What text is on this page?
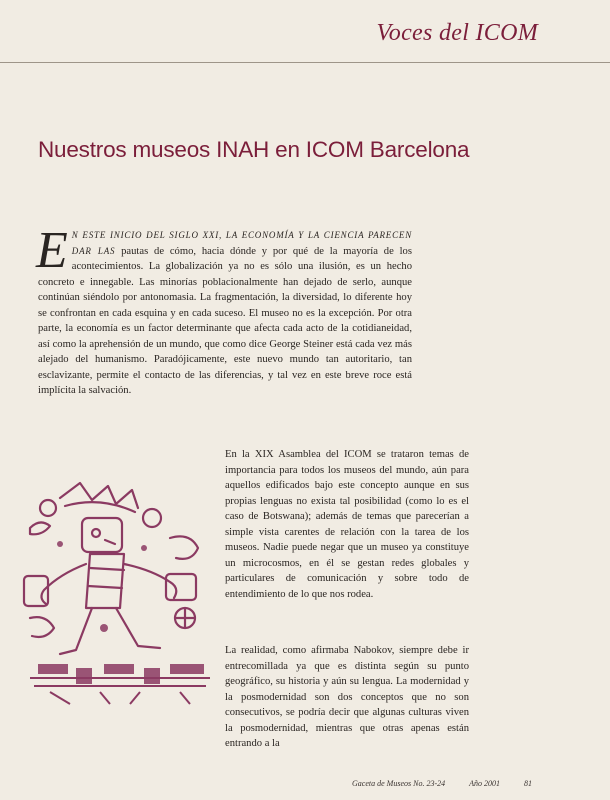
Voces del ICOM
Nuestros museos INAH en ICOM Barcelona

EN ESTE INICIO DEL SIGLO XXI, LA ECONOMÍA Y LA CIENCIA PARECEN DAR LAS pautas de cómo, hacia dónde y por qué de la mayoría de los acontecimientos. La globalización ya no es sólo una ilusión, es un hecho concreto e innegable. Las minorías poblacionalmente han dejado de serlo, aunque continúan siéndolo por antonomasia. La fragmentación, la diversidad, lo diferente hoy se confrontan en cada esquina y en cada suceso. El museo no es la excepción. Por otra parte, la economía es un factor determinante que afecta cada acto de la cotidianeidad, así como la aprehensión de un mundo, que como dice George Steiner está cada vez más alejado del humanismo. Paradójicamente, este nuevo mundo tan autoritario, tan esclavizante, permite el contacto de las diferencias, y tal vez en este breve roce está implícita la salvación.

En la XIX Asamblea del ICOM se trataron temas de importancia para todos los museos del mundo, aún para aquellos edificados bajo este concepto aunque en sus propias lenguas no exista tal posibilidad (como lo es el caso de Botswana); además de temas que parecerían a simple vista carentes de relación con la tarea de los museos. Nadie puede negar que un museo ya constituye un microcosmos, en él se gestan redes globales y particulares de comunicación y sobre todo de entendimiento de lo que nos rodea.

La realidad, como afirmaba Nabokov, siempre debe ir entrecomillada ya que es distinta según su punto geográfico, su historia y aún su lengua. La modernidad y la posmodernidad son dos conceptos que no son consecutivos, se podría decir que algunas culturas viven la posmodernidad, mientras que otras apenas están entrando a la

Gaceta de Museos No. 23-24	Año 2001	81
